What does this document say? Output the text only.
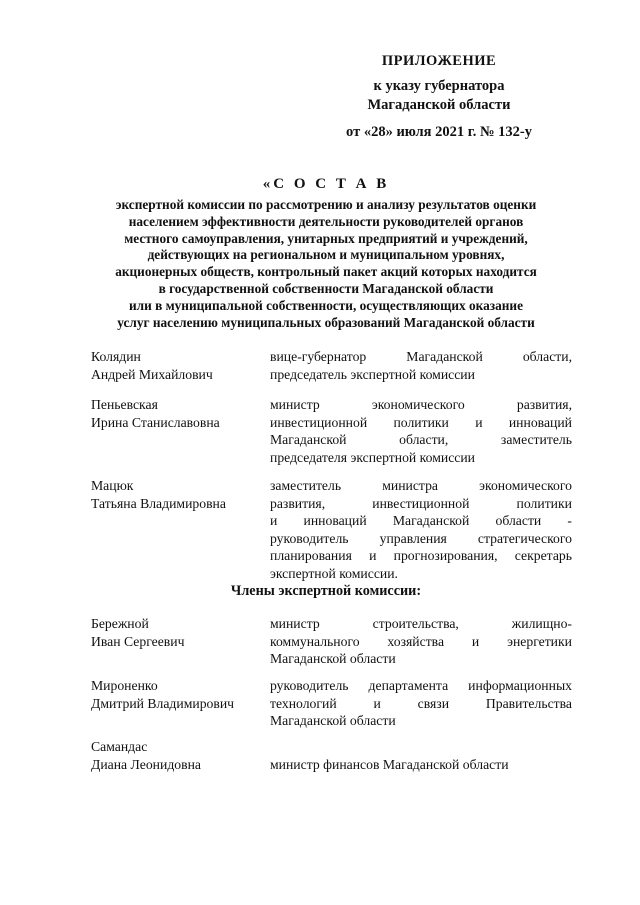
ПРИЛОЖЕНИЕ
к указу губернатора
Магаданской области
от «28» июля 2021 г. № 132-у
«С О С Т А В
экспертной комиссии по рассмотрению и анализу результатов оценки
населением эффективности деятельности руководителей органов
местного самоуправления, унитарных предприятий и учреждений,
действующих на региональном и муниципальном уровнях,
акционерных обществ, контрольный пакет акций которых находится
в государственной собственности Магаданской области
или в муниципальной собственности, осуществляющих оказание
услуг населению муниципальных образований Магаданской области
Колядин
Андрей Михайлович
вице-губернатор Магаданской области,
председатель экспертной комиссии
Пеньевская
Ирина Станиславовна
министр экономического развития,
инвестиционной политики и инноваций
Магаданской области, заместитель
председателя экспертной комиссии
Мацюк
Татьяна Владимировна
заместитель министра экономического
развития, инвестиционной политики
и инноваций Магаданской области -
руководитель управления стратегического
планирования и прогнозирования, секретарь
экспертной комиссии.
Члены экспертной комиссии:
Бережной
Иван Сергеевич
министр строительства, жилищно-
коммунального хозяйства и энергетики
Магаданской области
Мироненко
Дмитрий Владимирович
руководитель департамента информационных
технологий и связи Правительства
Магаданской области
Самандас
Диана Леонидовна	министр финансов Магаданской области
